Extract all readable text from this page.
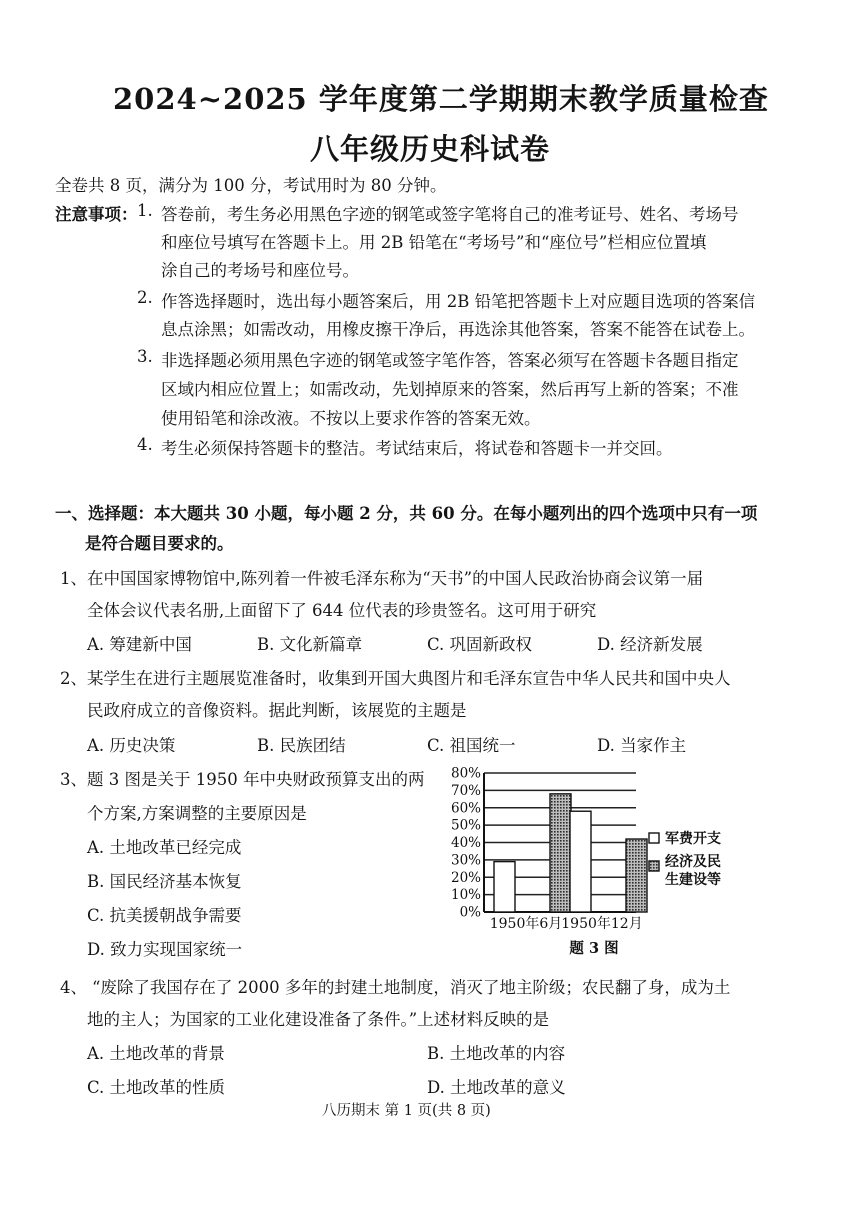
2024~2025 学年度第二学期期末教学质量检查
八年级历史科试卷
全卷共 8 页，满分为 100 分，考试用时为 80 分钟。
注意事项： 1. 答卷前，考生务必用黑色字迹的钢笔或签字笔将自己的准考证号、姓名、考场号
和座位号填写在答题卡上。用 2B 铅笔在“考场号”和“座位号”栏相应位置填
涂自己的考场号和座位号。
2. 作答选择题时，选出每小题答案后，用 2B 铅笔把答题卡上对应题目选项的答案信
息点涂黑；如需改动，用橡皮擦干净后，再选涂其他答案，答案不能答在试卷上。
3. 非选择题必须用黑色字迹的钢笔或签字笔作答，答案必须写在答题卡各题目指定
区域内相应位置上；如需改动，先划掉原来的答案，然后再写上新的答案；不准
使用铅笔和涂改液。不按以上要求作答的答案无效。
4. 考生必须保持答题卡的整洁。考试结束后，将试卷和答题卡一并交回。
一、选择题：本大题共 30 小题，每小题 2 分，共 60 分。在每小题列出的四个选项中只有一项
是符合题目要求的。
1、 在中国国家博物馆中,陈列着一件被毛泽东称为“天书”的中国人民政治协商会议第一届
全体会议代表名册,上面留下了 644 位代表的珍贵签名。这可用于研究
A. 筹建新中国	B. 文化新篇章	C. 巩固新政权	D. 经济新发展
2、 某学生在进行主题展览准备时，收集到开国大典图片和毛泽东宣告中华人民共和国中央人
民政府成立的音像资料。据此判断，该展览的主题是
A. 历史决策	B. 民族团结	C. 祖国统一	D. 当家作主
3、 题 3 图是关于 1950 年中央财政预算支出的两
个方案,方案调整的主要原因是
A. 土地改革已经完成
B. 国民经济基本恢复
C. 抗美援朝战争需要
D. 致力实现国家统一
0%
10%
20%
30%
40%
50%
60%
70%
80%
1950年6月 1950年12月
军费开支
经济及民
生建设等
题 3 图
4、 “废除了我国存在了 2000 多年的封建土地制度，消灭了地主阶级；农民翻了身，成为土
地的主人；为国家的工业化建设准备了条件。”上述材料反映的是
A. 土地改革的背景	B. 土地改革的内容
C. 土地改革的性质	D. 土地改革的意义
八历期末 第 1 页(共 8 页)
